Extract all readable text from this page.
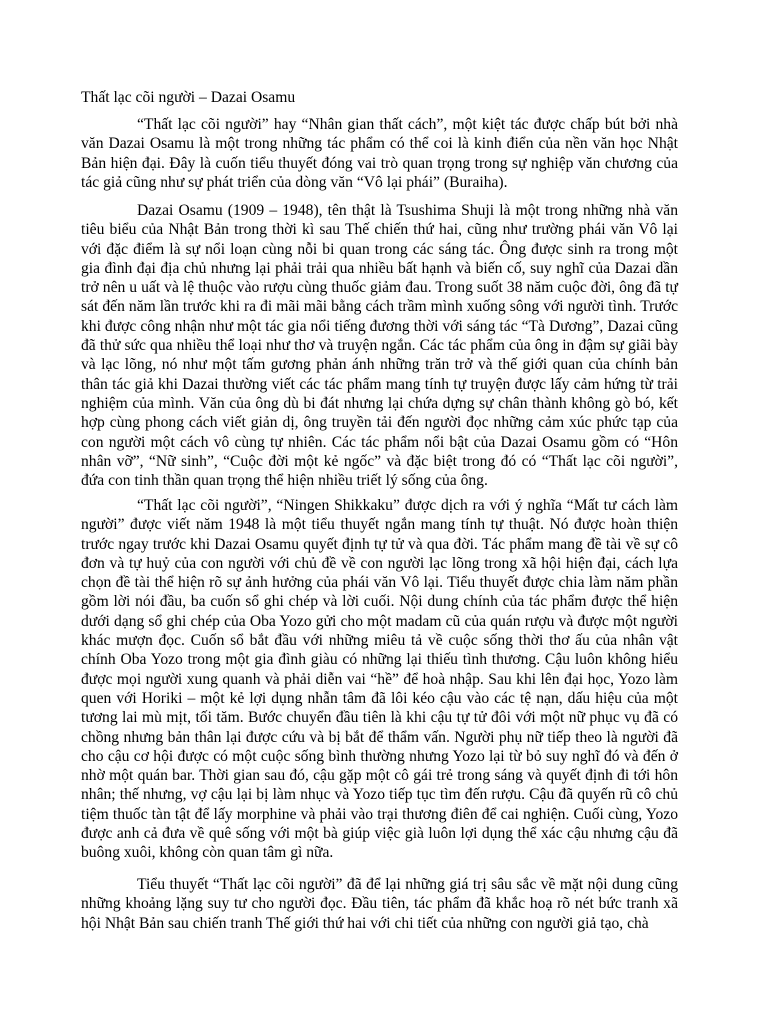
Thất lạc cõi người – Dazai Osamu

“Thất lạc cõi người” hay “Nhân gian thất cách”, một kiệt tác được chấp bút bởi nhà văn Dazai Osamu là một trong những tác phẩm có thể coi là kinh điển của nền văn học Nhật Bản hiện đại. Đây là cuốn tiểu thuyết đóng vai trò quan trọng trong sự nghiệp văn chương của tác giả cũng như sự phát triển của dòng văn “Vô lại phái” (Buraiha).

Dazai Osamu (1909 – 1948), tên thật là Tsushima Shuji là một trong những nhà văn tiêu biểu của Nhật Bản trong thời kì sau Thế chiến thứ hai, cũng như trường phái văn Vô lại với đặc điểm là sự nổi loạn cùng nỗi bi quan trong các sáng tác. Ông được sinh ra trong một gia đình đại địa chủ nhưng lại phải trải qua nhiều bất hạnh và biến cố, suy nghĩ của Dazai dần trở nên u uất và lệ thuộc vào rượu cùng thuốc giảm đau. Trong suốt 38 năm cuộc đời, ông đã tự sát đến năm lần trước khi ra đi mãi mãi bằng cách trầm mình xuống sông với người tình. Trước khi được công nhận như một tác gia nổi tiếng đương thời với sáng tác “Tà Dương”, Dazai cũng đã thử sức qua nhiều thể loại như thơ và truyện ngắn. Các tác phẩm của ông in đậm sự giãi bày và lạc lõng, nó như một tấm gương phản ánh những trăn trở và thế giới quan của chính bản thân tác giả khi Dazai thường viết các tác phẩm mang tính tự truyện được lấy cảm hứng từ trải nghiệm của mình. Văn của ông dù bi đát nhưng lại chứa dựng sự chân thành không gò bó, kết hợp cùng phong cách viết giản dị, ông truyền tải đến người đọc những cảm xúc phức tạp của con người một cách vô cùng tự nhiên. Các tác phẩm nổi bật của Dazai Osamu gồm có “Hôn nhân vỡ”, “Nữ sinh”, “Cuộc đời một kẻ ngốc” và đặc biệt trong đó có “Thất lạc cõi người”, đứa con tinh thần quan trọng thể hiện nhiều triết lý sống của ông.

“Thất lạc cõi người”, “Ningen Shikkaku” được dịch ra với ý nghĩa “Mất tư cách làm người” được viết năm 1948 là một tiểu thuyết ngắn mang tính tự thuật. Nó được hoàn thiện trước ngay trước khi Dazai Osamu quyết định tự tử và qua đời. Tác phẩm mang đề tài về sự cô đơn và tự huỷ của con người với chủ đề về con người lạc lõng trong xã hội hiện đại, cách lựa chọn đề tài thể hiện rõ sự ảnh hưởng của phái văn Vô lại. Tiểu thuyết được chia làm năm phần gồm lời nói đầu, ba cuốn sổ ghi chép và lời cuối. Nội dung chính của tác phẩm được thể hiện dưới dạng sổ ghi chép của Oba Yozo gửi cho một madam cũ của quán rượu và được một người khác mượn đọc. Cuốn sổ bắt đầu với những miêu tả về cuộc sống thời thơ ấu của nhân vật chính Oba Yozo trong một gia đình giàu có những lại thiếu tình thương. Cậu luôn không hiểu được mọi người xung quanh và phải diễn vai “hề” để hoà nhập. Sau khi lên đại học, Yozo làm quen với Horiki – một kẻ lợi dụng nhẫn tâm đã lôi kéo cậu vào các tệ nạn, dấu hiệu của một tương lai mù mịt, tối tăm. Bước chuyển đầu tiên là khi cậu tự tử đôi với một nữ phục vụ đã có chồng nhưng bản thân lại được cứu và bị bắt để thẩm vấn. Người phụ nữ tiếp theo là người đã cho cậu cơ hội được có một cuộc sống bình thường nhưng Yozo lại từ bỏ suy nghĩ đó và đến ở nhờ một quán bar. Thời gian sau đó, cậu gặp một cô gái trẻ trong sáng và quyết định đi tới hôn nhân; thế nhưng, vợ cậu lại bị làm nhục và Yozo tiếp tục tìm đến rượu. Cậu đã quyến rũ cô chủ tiệm thuốc tàn tật để lấy morphine và phải vào trại thương điên để cai nghiện. Cuối cùng, Yozo được anh cả đưa về quê sống với một bà giúp việc già luôn lợi dụng thể xác cậu nhưng cậu đã buông xuôi, không còn quan tâm gì nữa.

Tiểu thuyết “Thất lạc cõi người” đã để lại những giá trị sâu sắc về mặt nội dung cũng những khoảng lặng suy tư cho người đọc. Đầu tiên, tác phẩm đã khắc hoạ rõ nét bức tranh xã hội Nhật Bản sau chiến tranh Thế giới thứ hai với chi tiết của những con người giả tạo, chà
